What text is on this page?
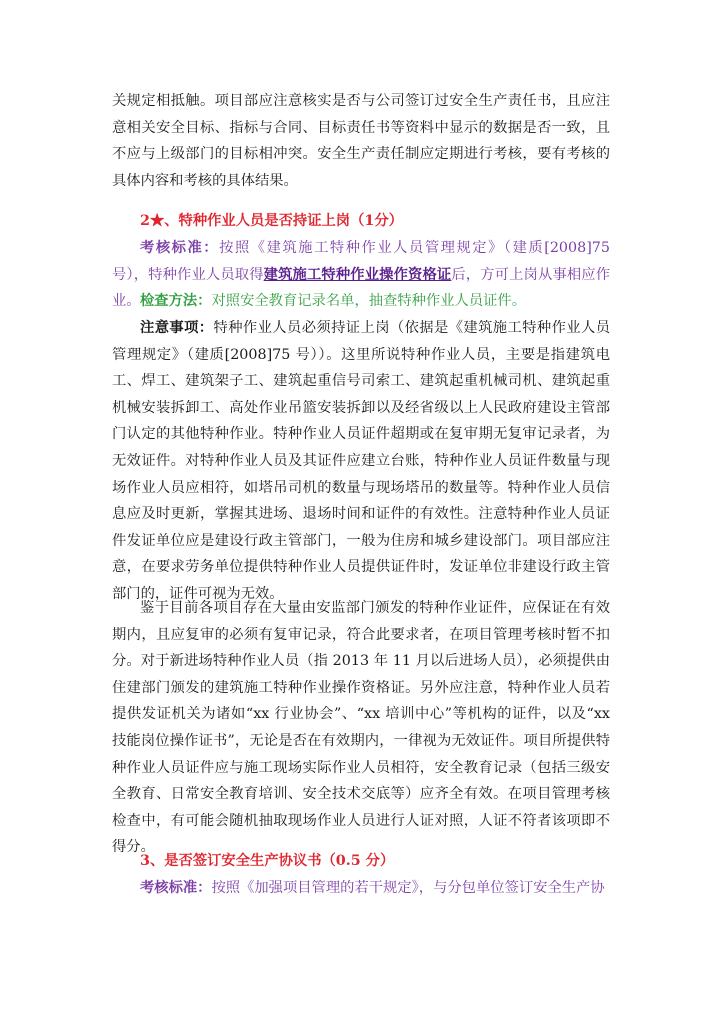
关规定相抵触。项目部应注意核实是否与公司签订过安全生产责任书，且应注意相关安全目标、指标与合同、目标责任书等资料中显示的数据是否一致，且不应与上级部门的目标相冲突。安全生产责任制应定期进行考核，要有考核的具体内容和考核的具体结果。

2★、特种作业人员是否持证上岗（1分）

考核标准：按照《建筑施工特种作业人员管理规定》（建质[2008]75 号），特种作业人员取得建筑施工特种作业操作资格证后，方可上岗从事相应作业。 检查方法：对照安全教育记录名单，抽查特种作业人员证件。

注意事项：特种作业人员必须持证上岗（依据是《建筑施工特种作业人员管理规定》（建质[2008]75 号））。这里所说特种作业人员，主要是指建筑电工、焊工、建筑架子工、建筑起重信号司索工、建筑起重机械司机、建筑起重机械安装拆卸工、高处作业吊篮安装拆卸以及经省级以上人民政府建设主管部门认定的其他特种作业。特种作业人员证件超期或在复审期无复审记录者，为无效证件。对特种作业人员及其证件应建立台账，特种作业人员证件数量与现场作业人员应相符，如塔吊司机的数量与现场塔吊的数量等。特种作业人员信息应及时更新，掌握其进场、退场时间和证件的有效性。注意特种作业人员证件发证单位应是建设行政主管部门，一般为住房和城乡建设部门。项目部应注意，在要求劳务单位提供特种作业人员提供证件时，发证单位非建设行政主管部门的，证件可视为无效。

鉴于目前各项目存在大量由安监部门颁发的特种作业证件，应保证在有效期内，且应复审的必须有复审记录，符合此要求者，在项目管理考核时暂不扣分。对于新进场特种作业人员（指 2013 年 11 月以后进场人员），必须提供由住建部门颁发的建筑施工特种作业操作资格证。另外应注意，特种作业人员若提供发证机关为诸如“xx 行业协会”、“xx 培训中心”等机构的证件，以及“xx 技能岗位操作证书”，无论是否在有效期内，一律视为无效证件。项目所提供特种作业人员证件应与施工现场实际作业人员相符，安全教育记录（包括三级安全教育、日常安全教育培训、安全技术交底等）应齐全有效。在项目管理考核检查中，有可能会随机抽取现场作业人员进行人证对照，人证不符者该项即不得分。

3、是否签订安全生产协议书（0.5 分）

考核标准：按照《加强项目管理的若干规定》，与分包单位签订安全生产协
